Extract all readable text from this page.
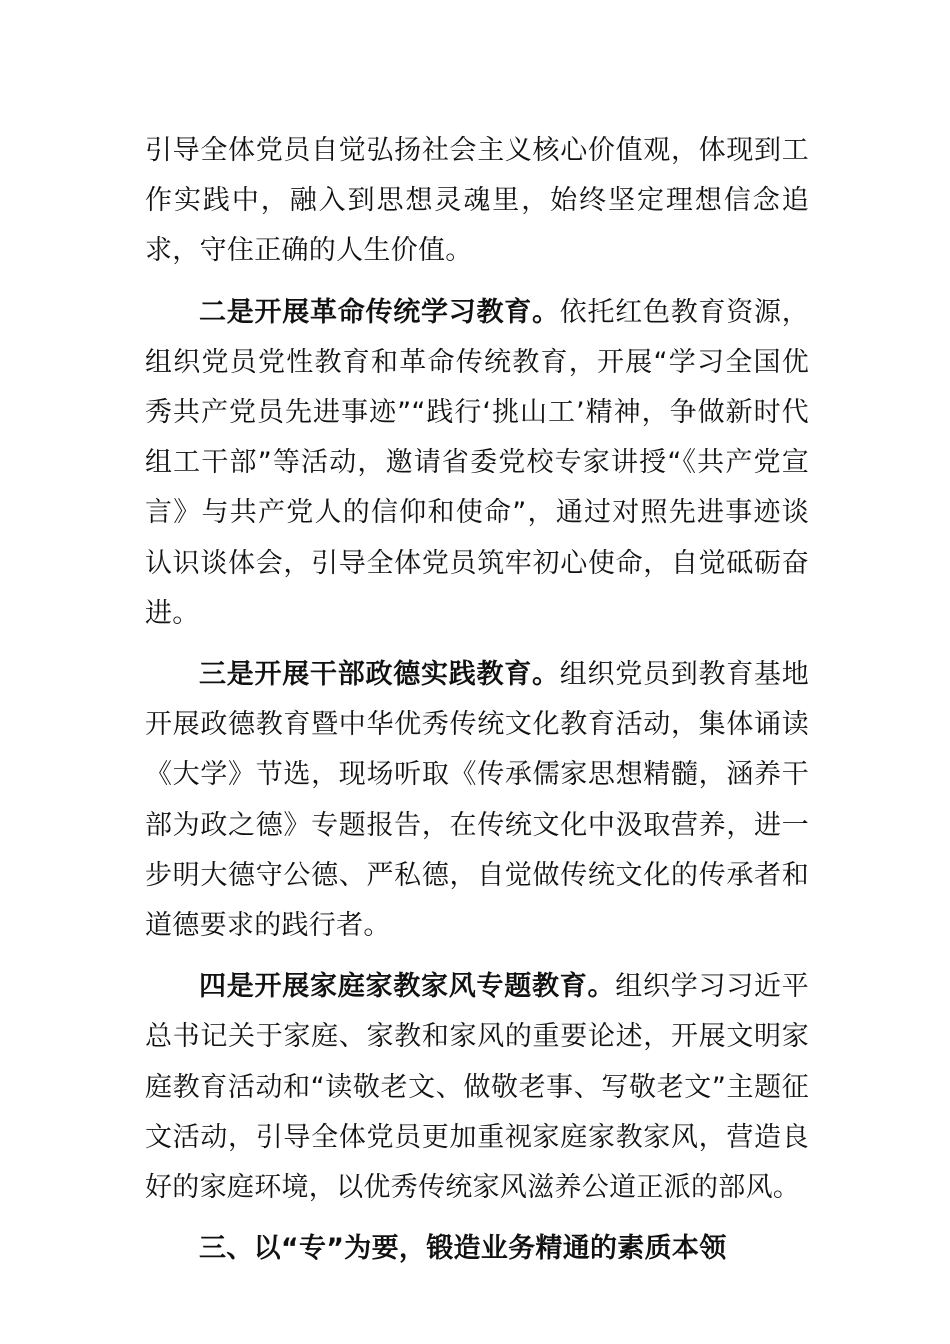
引导全体党员自觉弘扬社会主义核心价值观，体现到工作实践中，融入到思想灵魂里，始终坚定理想信念追求，守住正确的人生价值。

二是开展革命传统学习教育。依托红色教育资源，组织党员党性教育和革命传统教育，开展“学习全国优秀共产党员先进事迹”“践行‘挑山工’精神，争做新时代组工干部”等活动，邀请省委党校专家讲授“《共产党宣言》与共产党人的信仰和使命”，通过对照先进事迹谈认识谈体会，引导全体党员筑牢初心使命，自觉砥砺奋进。

三是开展干部政德实践教育。组织党员到教育基地开展政德教育暨中华优秀传统文化教育活动，集体诵读《大学》节选，现场听取《传承儒家思想精髓，涵养干部为政之德》专题报告，在传统文化中汲取营养，进一步明大德守公德、严私德，自觉做传统文化的传承者和道德要求的践行者。

四是开展家庭家教家风专题教育。组织学习习近平总书记关于家庭、家教和家风的重要论述，开展文明家庭教育活动和“读敬老文、做敬老事、写敬老文”主题征文活动，引导全体党员更加重视家庭家教家风，营造良好的家庭环境，以优秀传统家风滋养公道正派的部风。

三、以“专”为要，锻造业务精通的素质本领
